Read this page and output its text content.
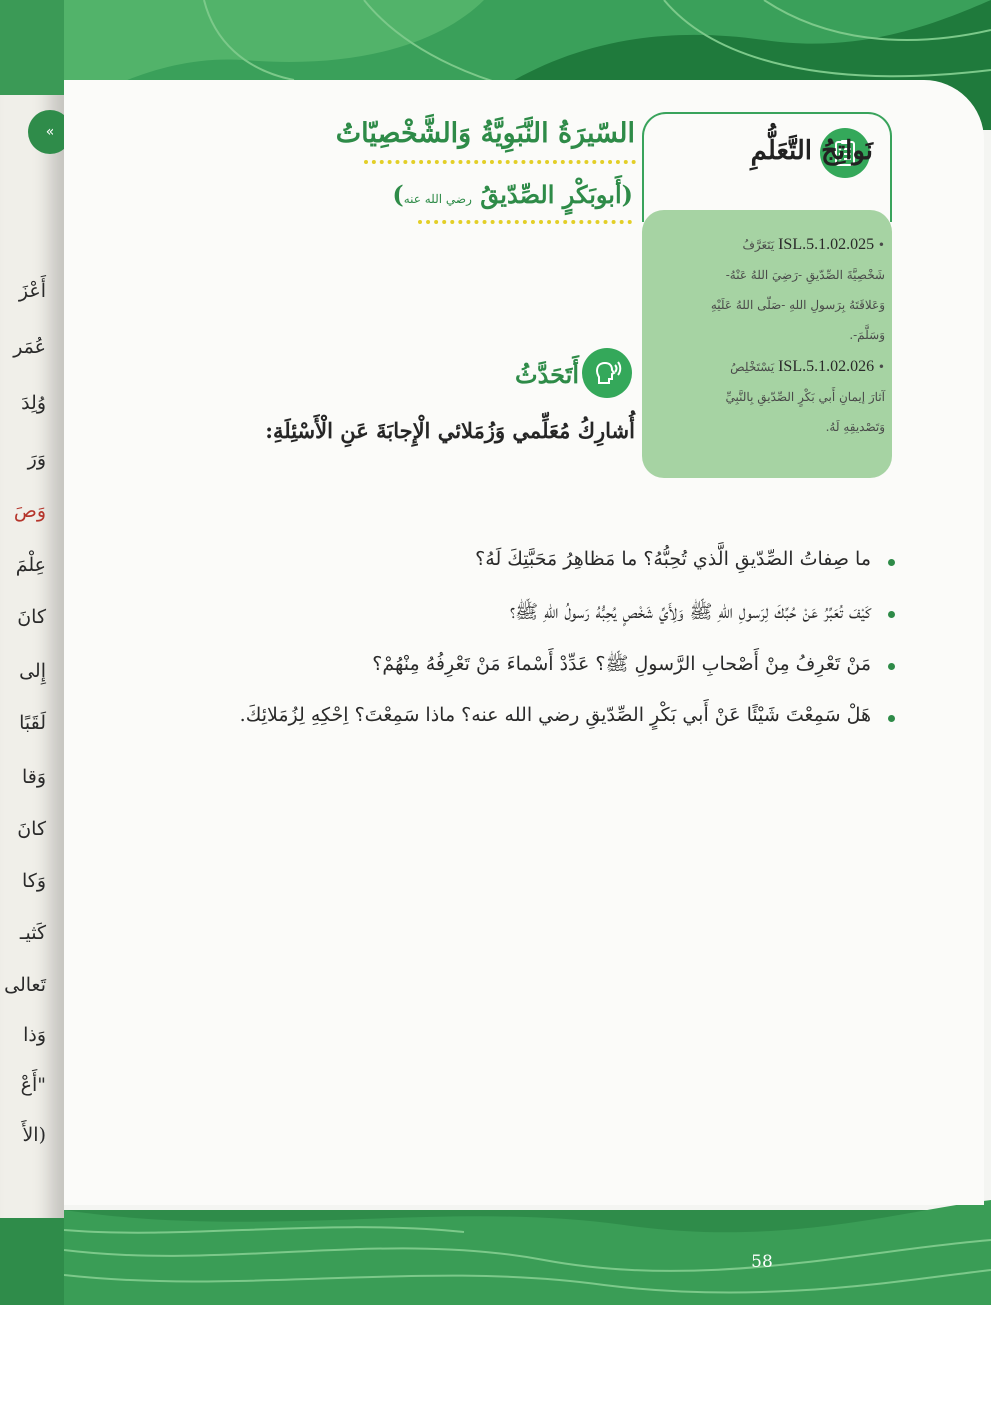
«
أَعْزَ
عُمَر
وُلِدَ
وَرَ
وَصَ
عِلْمَ
كانَ
إِلى
لَقَبًا
وَقا
كانَ
وَكا
كَثيـ
تَعالى
وَذا
"أَعْ
(الأَ
نَواتِجُ التَّعَلُّمِ
• ISL.5.1.02.025 يَتَعَرَّفُ
شَخْصِيَّةَ الصِّدّيقِ -رَضِيَ اللهُ عَنْهُ-
وَعَلاقَتَهُ بِرَسولِ اللهِ -صَلّى اللهُ عَلَيْهِ
وَسَلَّمَ-.
• ISL.5.1.02.026 يَسْتَخْلِصُ
آثارَ إيمانِ أَبي بَكْرٍ الصِّدّيقِ بِالنَّبِيِّ
وَتَصْديقِهِ لَهُ.
السّيرَةُ النَّبَوِيَّةُ وَالشَّخْصِيّاتُ
(أَبوبَكْرٍ الصِّدّيقُ رضي الله عنه)
أَتَحَدَّثُ
أُشارِكُ مُعَلِّمي وَزُمَلائي الْإِجابَةَ عَنِ الْأَسْئِلَةِ:
ما صِفاتُ الصِّدّيقِ الَّذي تُحِبُّهُ؟ ما مَظاهِرُ مَحَبَّتِكَ لَهُ؟
كَيْفَ تُعَبِّرُ عَنْ حُبِّكَ لِرَسولِ اللهِ ﷺ وَلِأَيِّ شَخْصٍ يُحِبُّهُ رَسولُ اللهِ ﷺ؟
مَنْ تَعْرِفُ مِنْ أَصْحابِ الرَّسولِ ﷺ؟ عَدِّدْ أَسْماءَ مَنْ تَعْرِفُهُ مِنْهُمْ؟
هَلْ سَمِعْتَ شَيْئًا عَنْ أَبي بَكْرٍ الصِّدّيقِ رضي الله عنه؟ ماذا سَمِعْتَ؟ اِحْكِهِ لِزُمَلائِكَ.
58
